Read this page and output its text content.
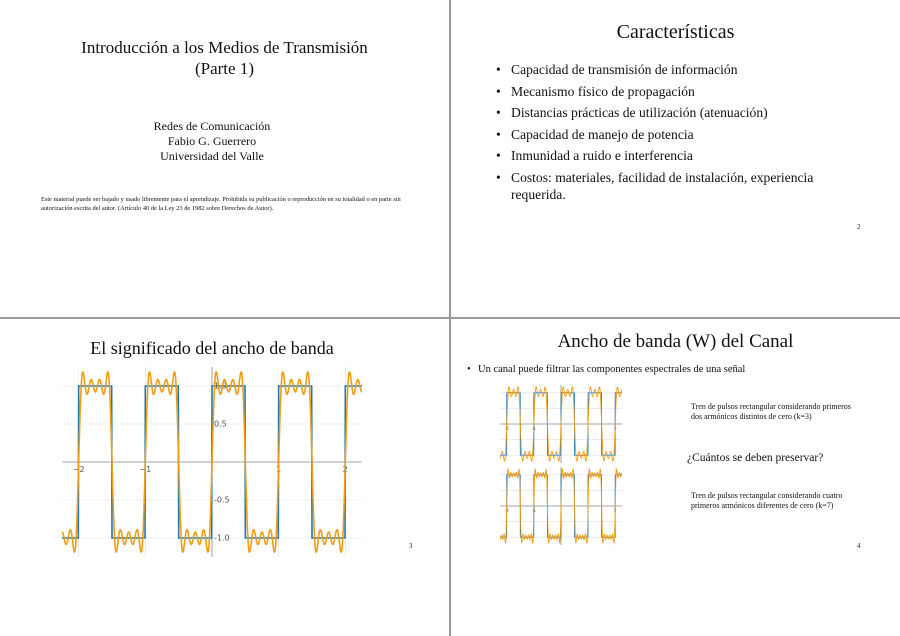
Introducción a los Medios de Transmisión
(Parte 1)
Redes de Comunicación
Fabio G. Guerrero
Universidad del Valle
Este material puede ser bajado y usado libremente para el aprendizaje. Prohibida su publicación o reproducción en su totalidad o en parte sin autorización escrita del autor. (Artículo 40 de la Ley 23 de 1982 sobre Derechos de Autor).
Características
• Capacidad de transmisión de información
• Mecanismo físico de propagación
• Distancias prácticas de utilización (atenuación)
• Capacidad de manejo de potencia
• Inmunidad a ruido e interferencia
• Costos: materiales, facilidad de instalación, experiencia requerida.
2
El significado del ancho de banda
−2	−1	1	2
1.0
0.5
-0.5
-1.0
3
Ancho de banda (W) del Canal
• Un canal puede filtrar las componentes espectrales de una señal
-2	-1	1	2
-2	-1	1	2
Tren de pulsos rectangular considerando primeros dos armónicos distintos de cero (k=3)
¿Cuántos se deben preservar?
Tren de pulsos rectangular considerando cuatro primeros armónicos diferentes de cero (k=7)
4
